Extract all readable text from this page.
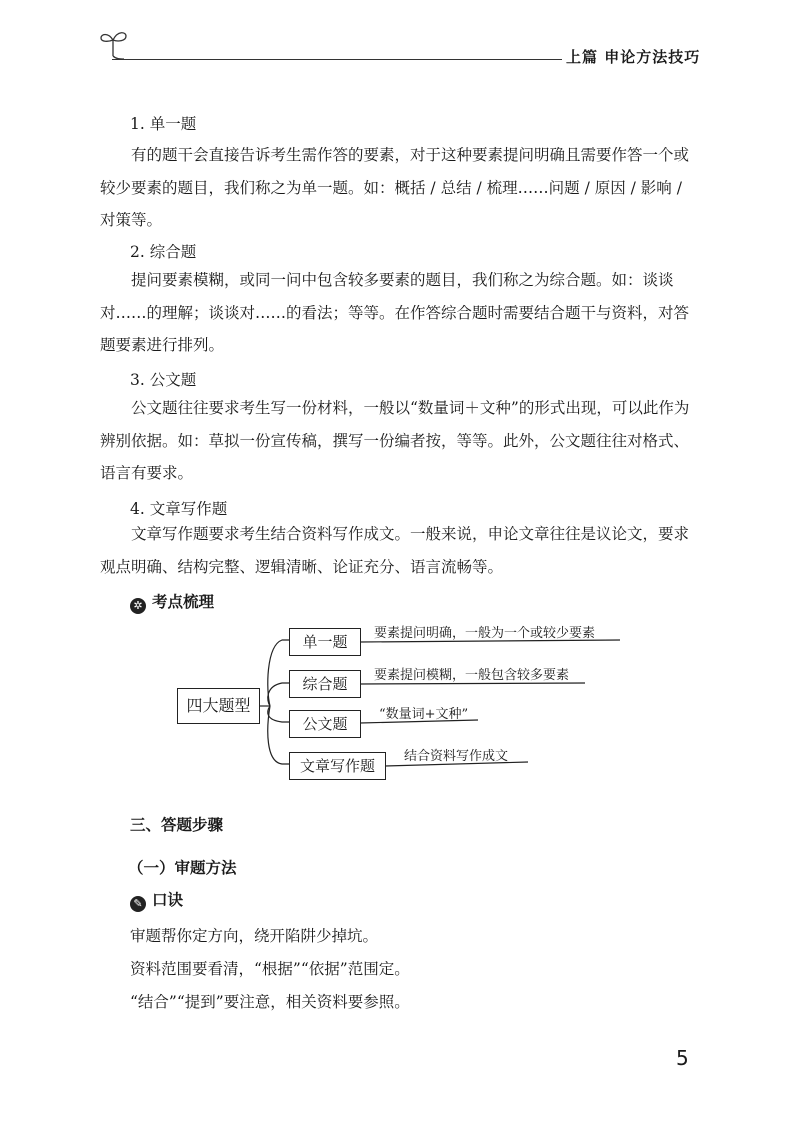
上篇 申论方法技巧
1. 单一题
有的题干会直接告诉考生需作答的要素，对于这种要素提问明确且需要作答一个或较少要素的题目，我们称之为单一题。如：概括 / 总结 / 梳理……问题 / 原因 / 影响 / 对策等。
2. 综合题
提问要素模糊，或同一问中包含较多要素的题目，我们称之为综合题。如：谈谈对……的理解；谈谈对……的看法；等等。在作答综合题时需要结合题干与资料，对答题要素进行排列。
3. 公文题
公文题往往要求考生写一份材料，一般以“数量词＋文种”的形式出现，可以此作为辨别依据。如：草拟一份宣传稿，撰写一份编者按，等等。此外，公文题往往对格式、语言有要求。
4. 文章写作题
文章写作题要求考生结合资料写作成文。一般来说，申论文章往往是议论文，要求观点明确、结构完整、逻辑清晰、论证充分、语言流畅等。
✲ 考点梳理
四大题型
单一题
综合题
公文题
文章写作题
要素提问明确，一般为一个或较少要素
要素提问模糊，一般包含较多要素
“数量词+文种”
结合资料写作成文
三、答题步骤
（一）审题方法
✎ 口诀
审题帮你定方向，绕开陷阱少掉坑。
资料范围要看清，“根据”“依据”范围定。
“结合”“提到”要注意，相关资料要参照。
5
